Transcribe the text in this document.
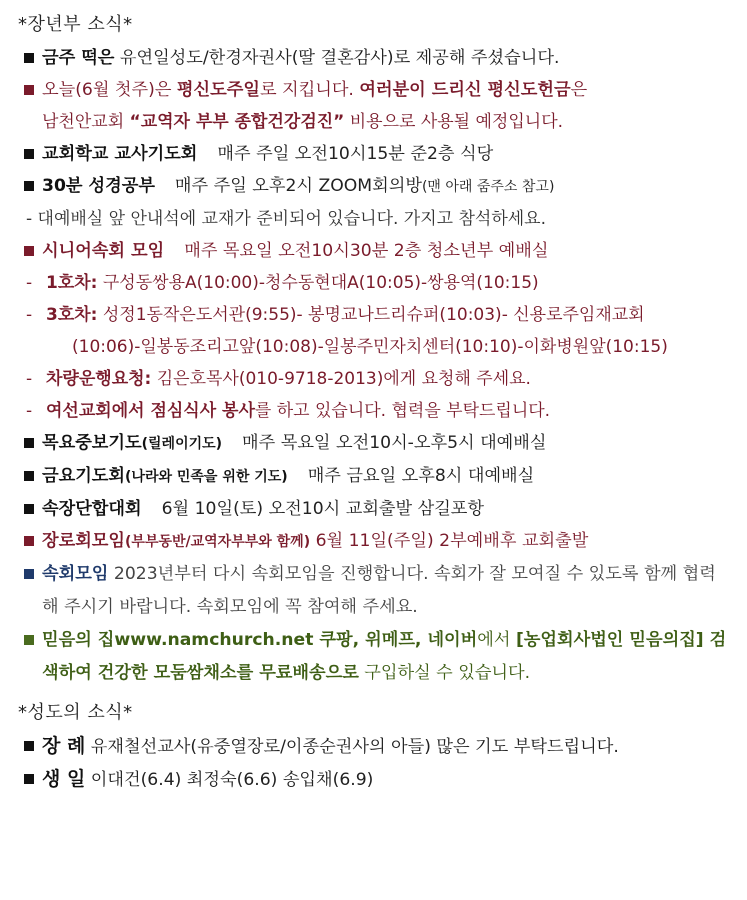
*장년부 소식*
금주 떡은 유연일성도/한경자권사(딸 결혼감사)로 제공해 주셨습니다.
오늘(6월 첫주)은 평신도주일로 지킵니다. 여러분이 드리신 평신도헌금은
남천안교회 “교역자 부부 종합건강검진” 비용으로 사용될 예정입니다.
교회학교 교사기도회 매주 주일 오전10시15분 준2층 식당
30분 성경공부 매주 주일 오후2시 ZOOM회의방(맨 아래 줌주소 참고)
- 대예배실 앞 안내석에 교재가 준비되어 있습니다. 가지고 참석하세요.
시니어속회 모임 매주 목요일 오전10시30분 2층 청소년부 예배실
- 1호차: 구성동쌍용A(10:00)-청수동현대A(10:05)-쌍용역(10:15)
- 3호차: 성정1동작은도서관(9:55)- 봉명교나드리슈퍼(10:03)- 신용로주임재교회
(10:06)-일봉동조리고앞(10:08)-일봉주민자치센터(10:10)-이화병원앞(10:15)
- 차량운행요청: 김은호목사(010-9718-2013)에게 요청해 주세요.
- 여선교회에서 점심식사 봉사를 하고 있습니다. 협력을 부탁드립니다.
목요중보기도(릴레이기도) 매주 목요일 오전10시-오후5시 대예배실
금요기도회(나라와 민족을 위한 기도) 매주 금요일 오후8시 대예배실
속장단합대회 6월 10일(토) 오전10시 교회출발 삼길포항
장로회모임(부부동반/교역자부부와 함께) 6월 11일(주일) 2부예배후 교회출발
속회모임 2023년부터 다시 속회모임을 진행합니다. 속회가 잘 모여질 수 있도록 함께 협력해 주시기 바랍니다. 속회모임에 꼭 참여해 주세요.
믿음의 집www.namchurch.net 쿠팡, 위메프, 네이버에서 [농업회사법인 믿음의집] 검색하여 건강한 모둠쌈채소를 무료배송으로 구입하실 수 있습니다.
*성도의 소식*
장 례 유재철선교사(유중열장로/이종순권사의 아들) 많은 기도 부탁드립니다.
생 일 이대건(6.4) 최정숙(6.6) 송입채(6.9)
